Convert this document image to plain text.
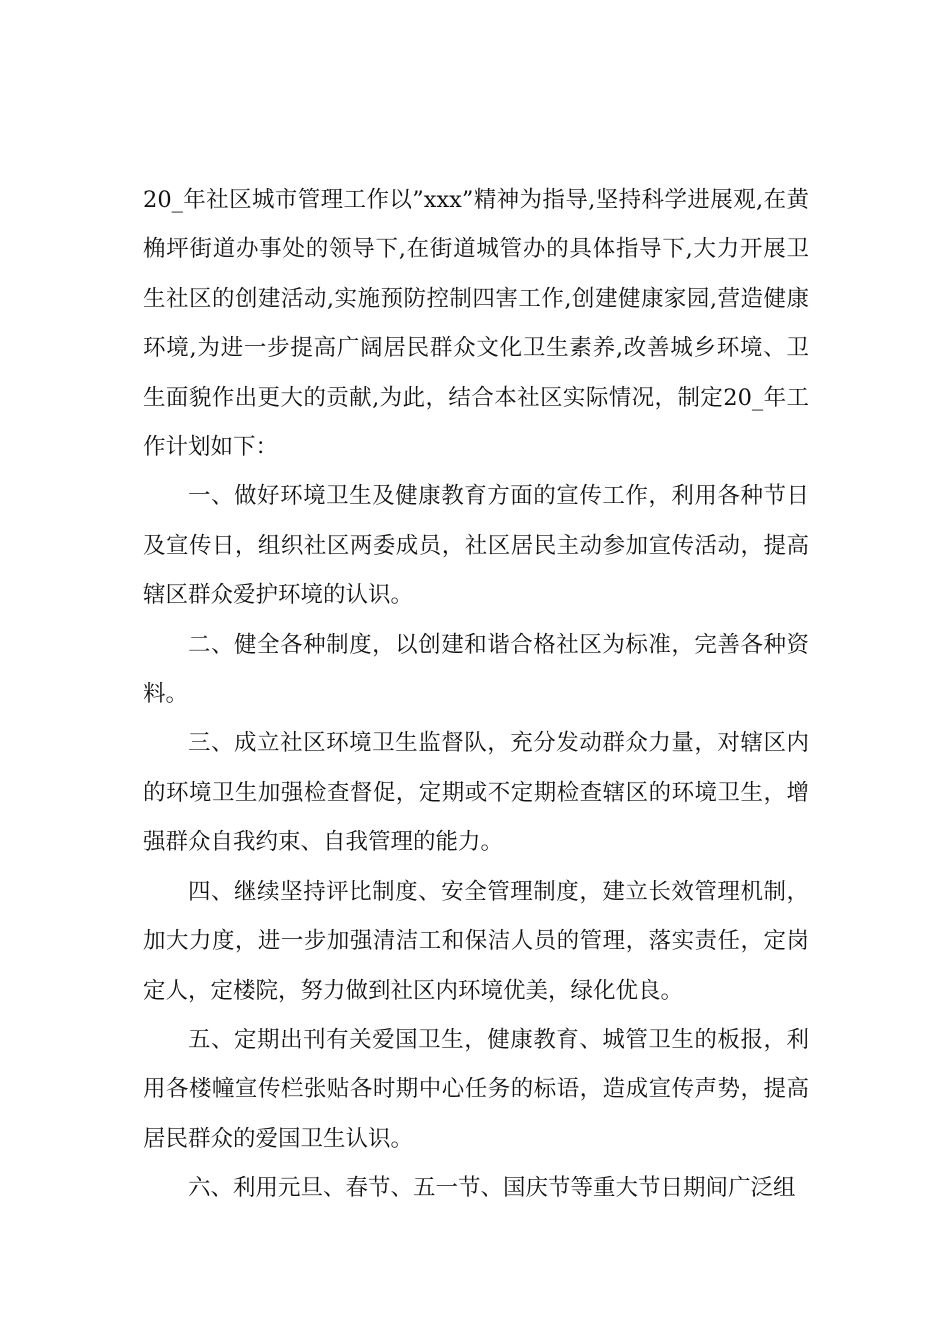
20_年社区城市管理工作以”xxx”精神为指导,坚持科学进展观,在黄桷坪街道办事处的领导下,在街道城管办的具体指导下,大力开展卫生社区的创建活动,实施预防控制四害工作,创建健康家园,营造健康环境,为进一步提高广阔居民群众文化卫生素养,改善城乡环境、卫生面貌作出更大的贡献,为此，结合本社区实际情况，制定20_年工作计划如下：

一、做好环境卫生及健康教育方面的宣传工作，利用各种节日及宣传日，组织社区两委成员，社区居民主动参加宣传活动，提高辖区群众爱护环境的认识。

二、健全各种制度，以创建和谐合格社区为标准，完善各种资料。

三、成立社区环境卫生监督队，充分发动群众力量，对辖区内的环境卫生加强检查督促，定期或不定期检查辖区的环境卫生，增强群众自我约束、自我管理的能力。

四、继续坚持评比制度、安全管理制度，建立长效管理机制，加大力度，进一步加强清洁工和保洁人员的管理，落实责任，定岗定人，定楼院，努力做到社区内环境优美，绿化优良。

五、定期出刊有关爱国卫生，健康教育、城管卫生的板报，利用各楼幢宣传栏张贴各时期中心任务的标语，造成宣传声势，提高居民群众的爱国卫生认识。

六、利用元旦、春节、五一节、国庆节等重大节日期间广泛组
